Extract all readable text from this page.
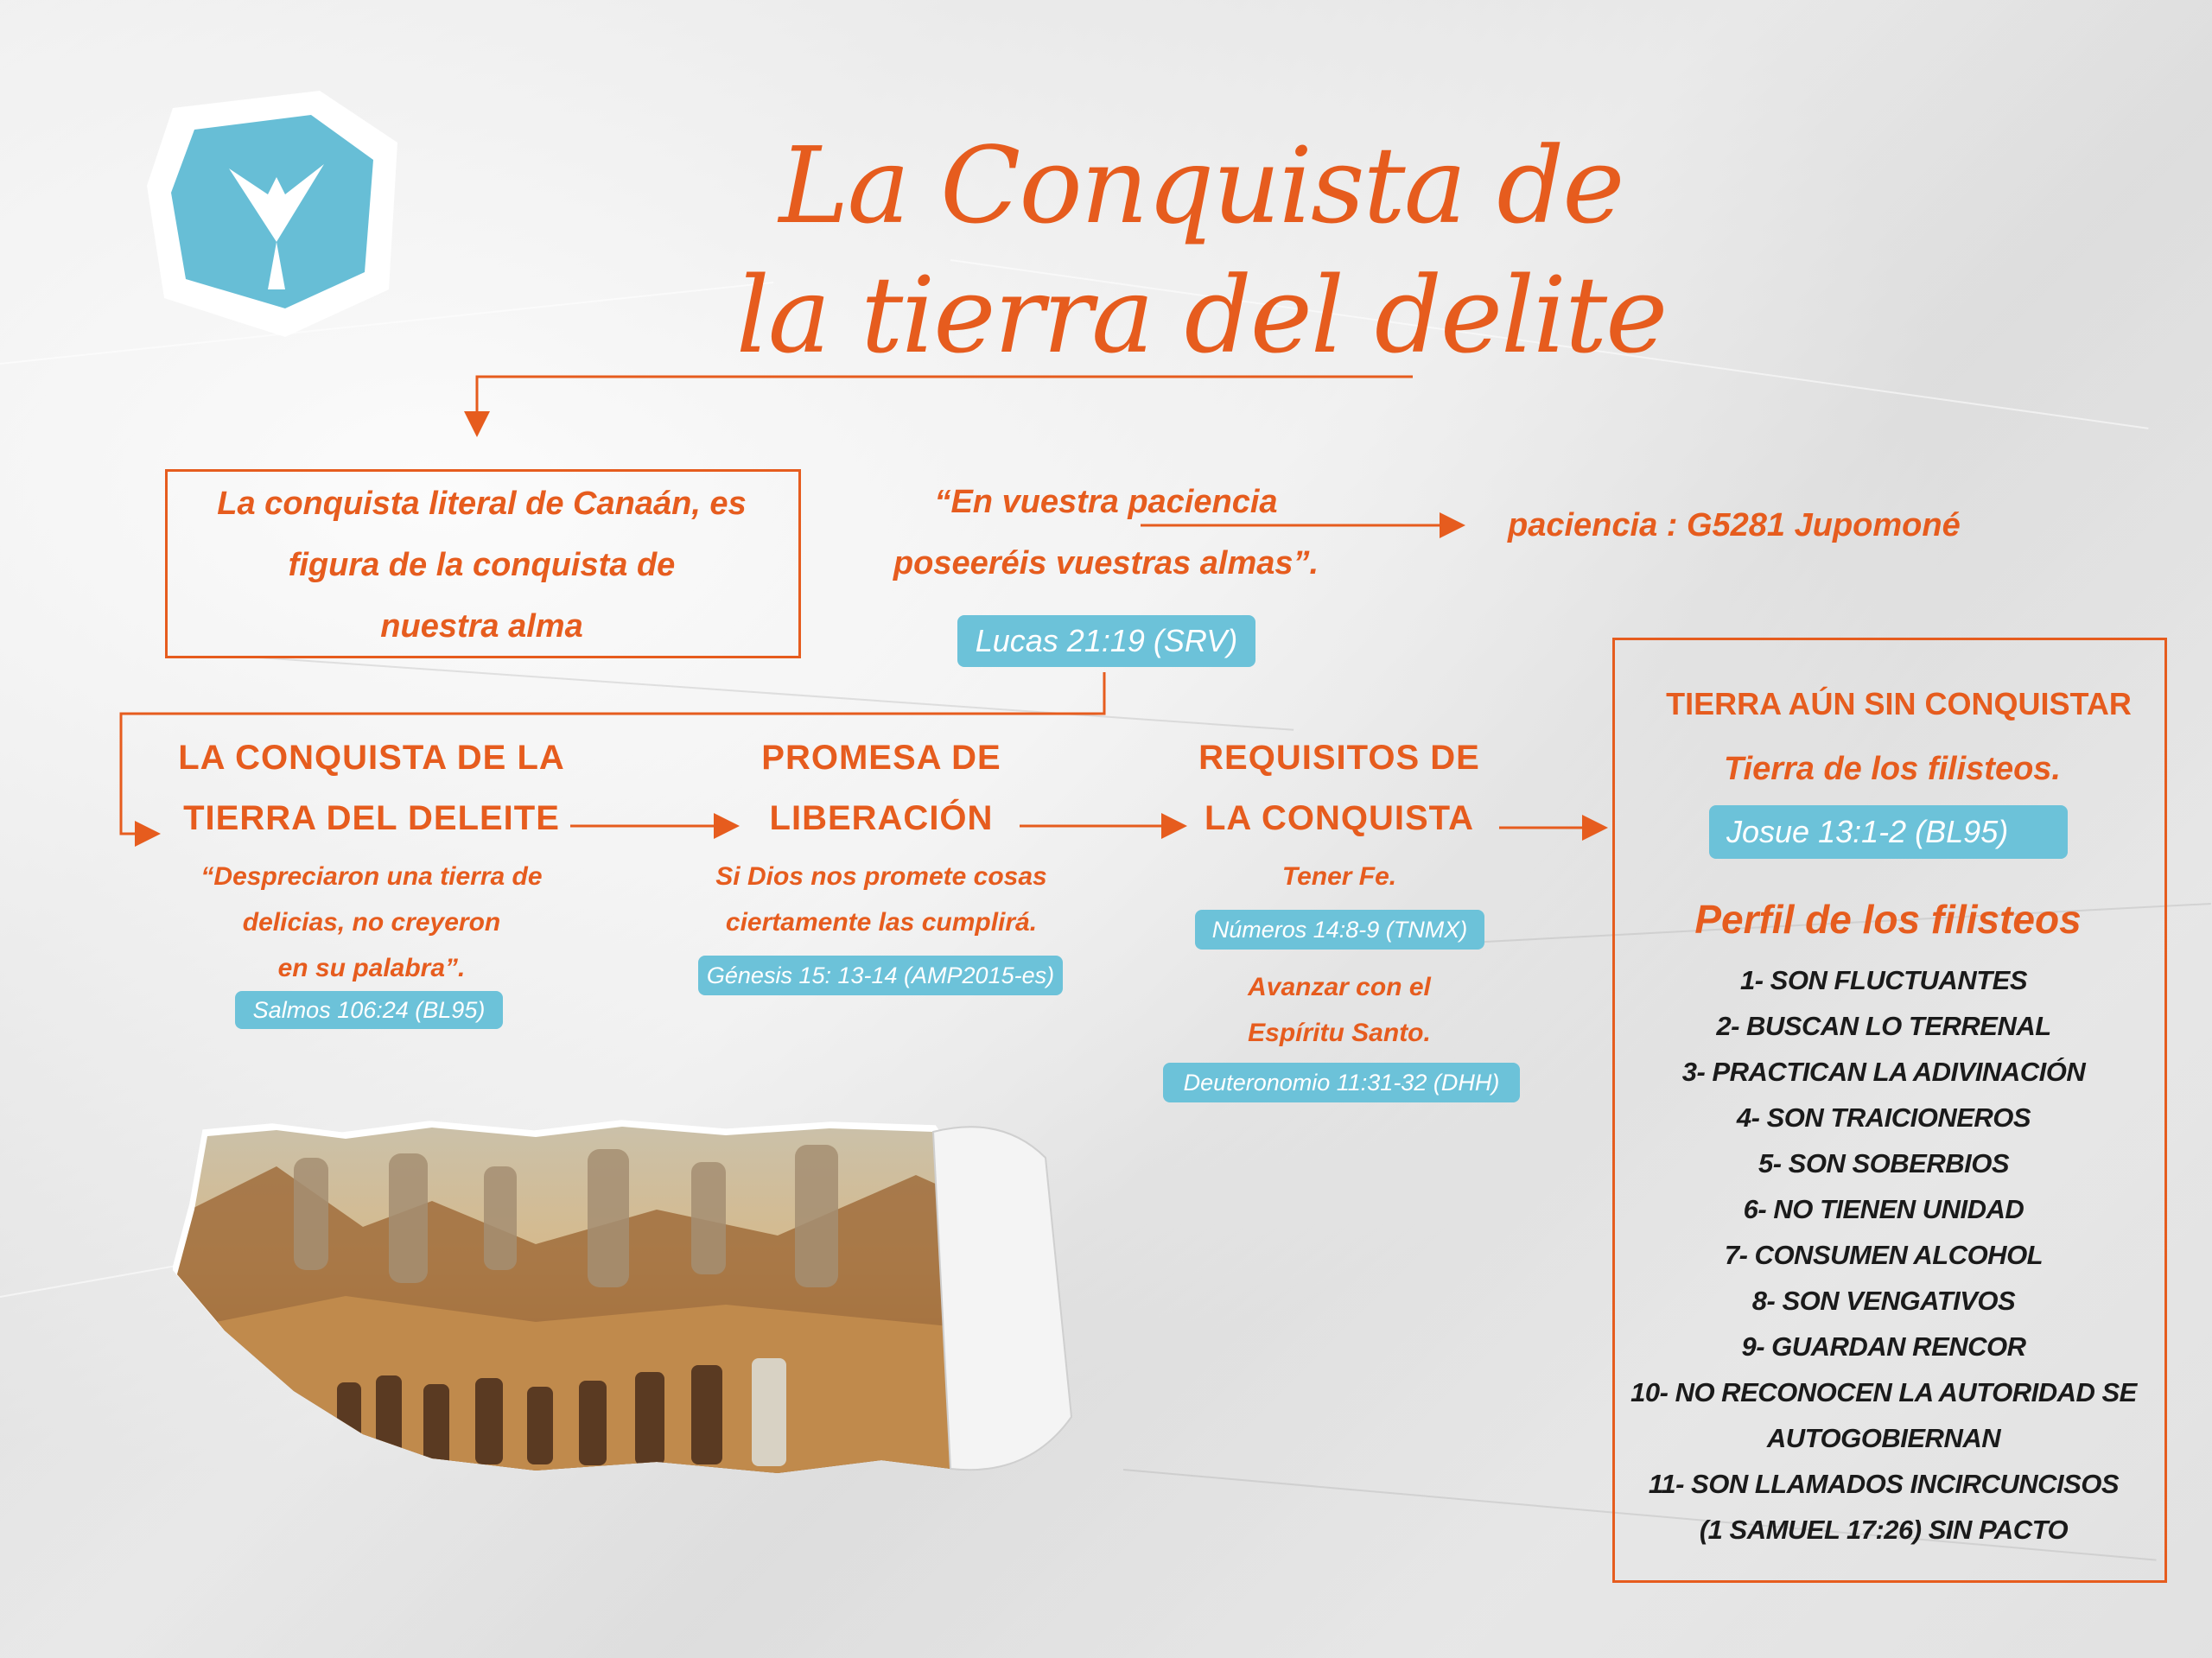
La Conquista de
la tierra del delite
La conquista literal de Canaán, es
figura de la conquista de
nuestra alma
“En vuestra paciencia
poseeréis vuestras almas”.
Lucas 21:19 (SRV)
paciencia : G5281 Jupomoné
LA CONQUISTA DE LA
TIERRA DEL DELEITE
“Despreciaron una tierra de
delicias, no creyeron
en su palabra”.
Salmos 106:24 (BL95)
PROMESA DE
LIBERACIÓN
Si Dios nos promete cosas
ciertamente las cumplirá.
Génesis 15: 13-14 (AMP2015-es)
REQUISITOS DE
LA CONQUISTA
Tener Fe.
Números 14:8-9 (TNMX)
Avanzar con el
Espíritu Santo.
Deuteronomio 11:31-32 (DHH)
TIERRA AÚN SIN CONQUISTAR
Tierra de los filisteos.
Josue 13:1-2 (BL95)
Perfil de los filisteos
1- SON FLUCTUANTES
2- BUSCAN LO TERRENAL
3- PRACTICAN LA ADIVINACIÓN
4- SON TRAICIONEROS
5- SON SOBERBIOS
6- NO TIENEN UNIDAD
7- CONSUMEN ALCOHOL
8- SON VENGATIVOS
9- GUARDAN RENCOR
10- NO RECONOCEN LA AUTORIDAD SE
AUTOGOBIERNAN
11- SON LLAMADOS INCIRCUNCISOS
(1 SAMUEL 17:26) SIN PACTO
